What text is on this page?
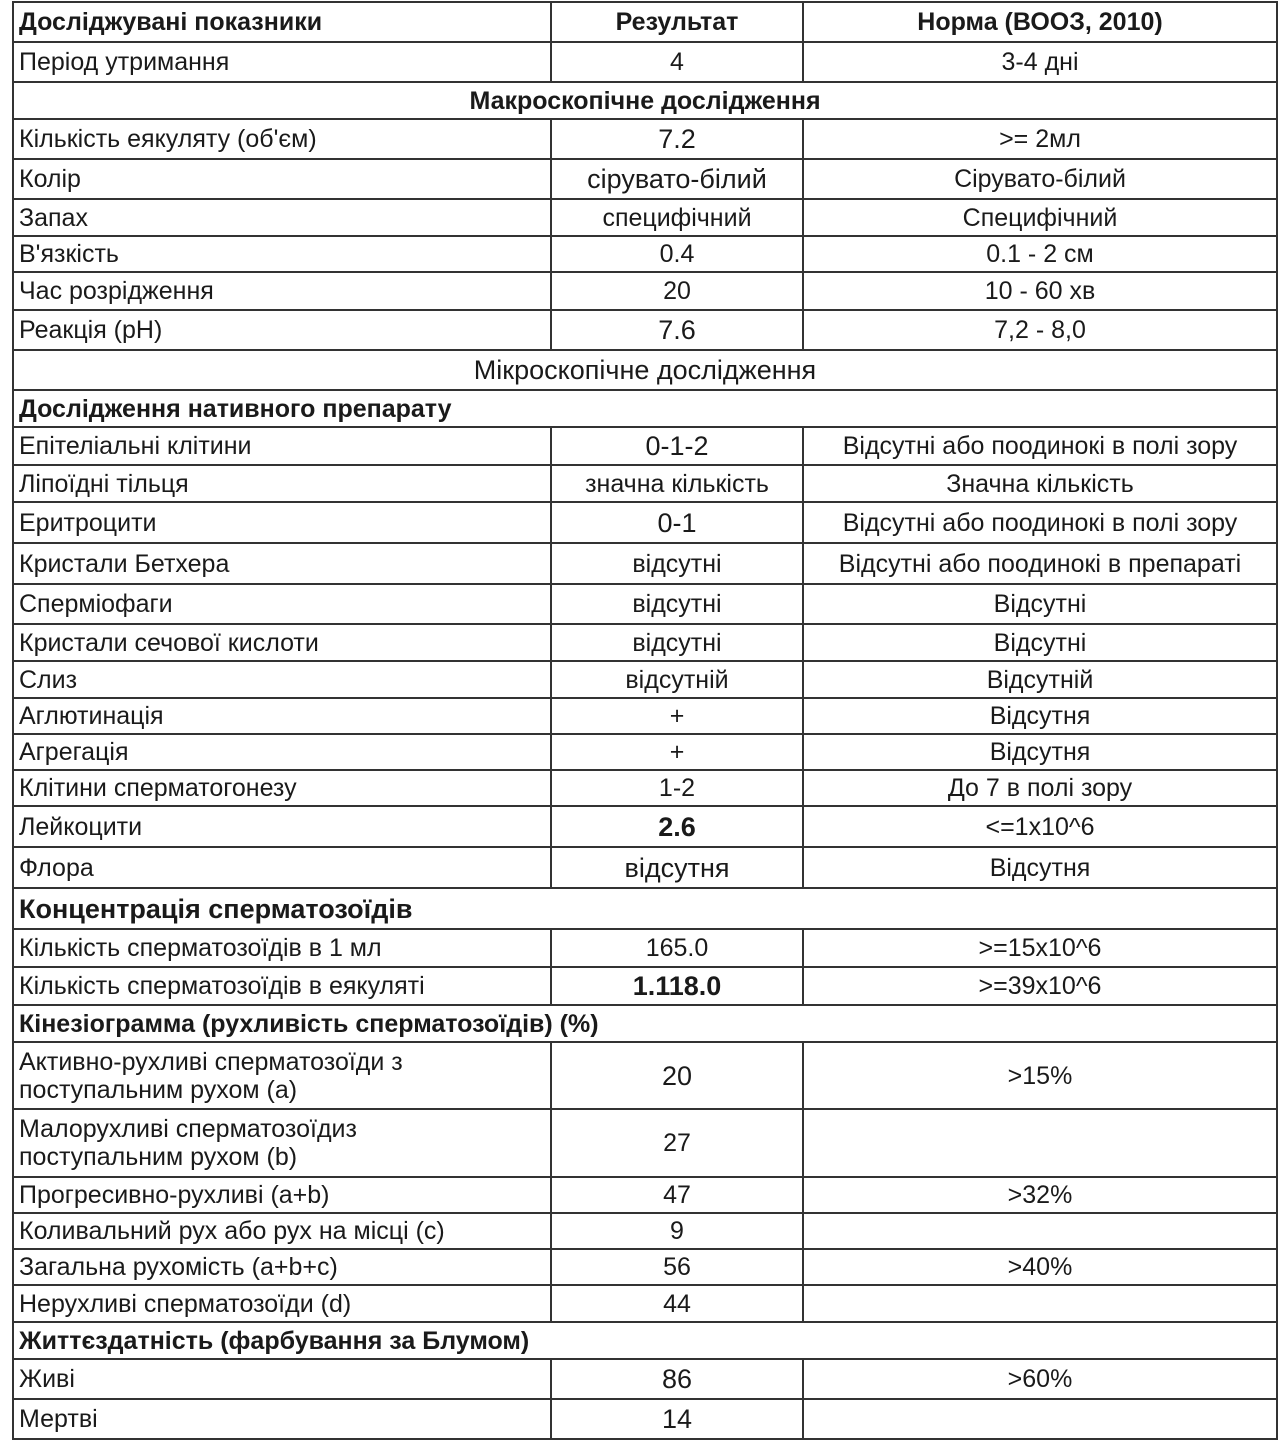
Досліджувані показники	Результат	Норма (ВООЗ, 2010)
Період утримання	4	3-4 дні
Макроскопічне дослідження		
Кількість еякуляту (об'єм)	7.2	>= 2мл
Колір	сірувато-білий	Сірувато-білий
Запах	специфічний	Специфічний
В'язкість	0.4	0.1 - 2 см
Час розрідження	20	10 - 60 хв
Реакція (pH)	7.6	7,2 - 8,0
Мікроскопічне дослідження		
Дослідження нативного препарату		
Епітеліальні клітини	0-1-2	Відсутні або поодинокі в полі зору
Ліпоїдні тільця	значна кількість	Значна кількість
Еритроцити	0-1	Відсутні або поодинокі в полі зору
Кристали Бетхера	відсутні	Відсутні або поодинокі в препараті
Сперміофаги	відсутні	Відсутні
Кристали сечової кислоти	відсутні	Відсутні
Слиз	відсутній	Відсутній
Аглютинація	+	Відсутня
Агрегація	+	Відсутня
Клітини сперматогонезу	1-2	До 7 в полі зору
Лейкоцити	2.6	<=1x10^6
Флора	відсутня	Відсутня
Концентрація сперматозоїдів		
Кількість сперматозоїдів в 1 мл	165.0	>=15x10^6
Кількість сперматозоїдів в еякуляті	1.118.0	>=39x10^6
Кінезіограмма (рухливість сперматозоїдів) (%)		
Активно-рухливі сперматозоїди з
поступальним рухом (a)	20	>15%
Малорухливі сперматозоїдиз
поступальним рухом (b)	27	
Прогресивно-рухливі (a+b)	47	>32%
Коливальний рух або рух на місці (c)	9	
Загальна рухомість (a+b+c)	56	>40%
Нерухливі сперматозоїди (d)	44	
Життєздатність (фарбування за Блумом)		
Живі	86	>60%
Мертві	14	
